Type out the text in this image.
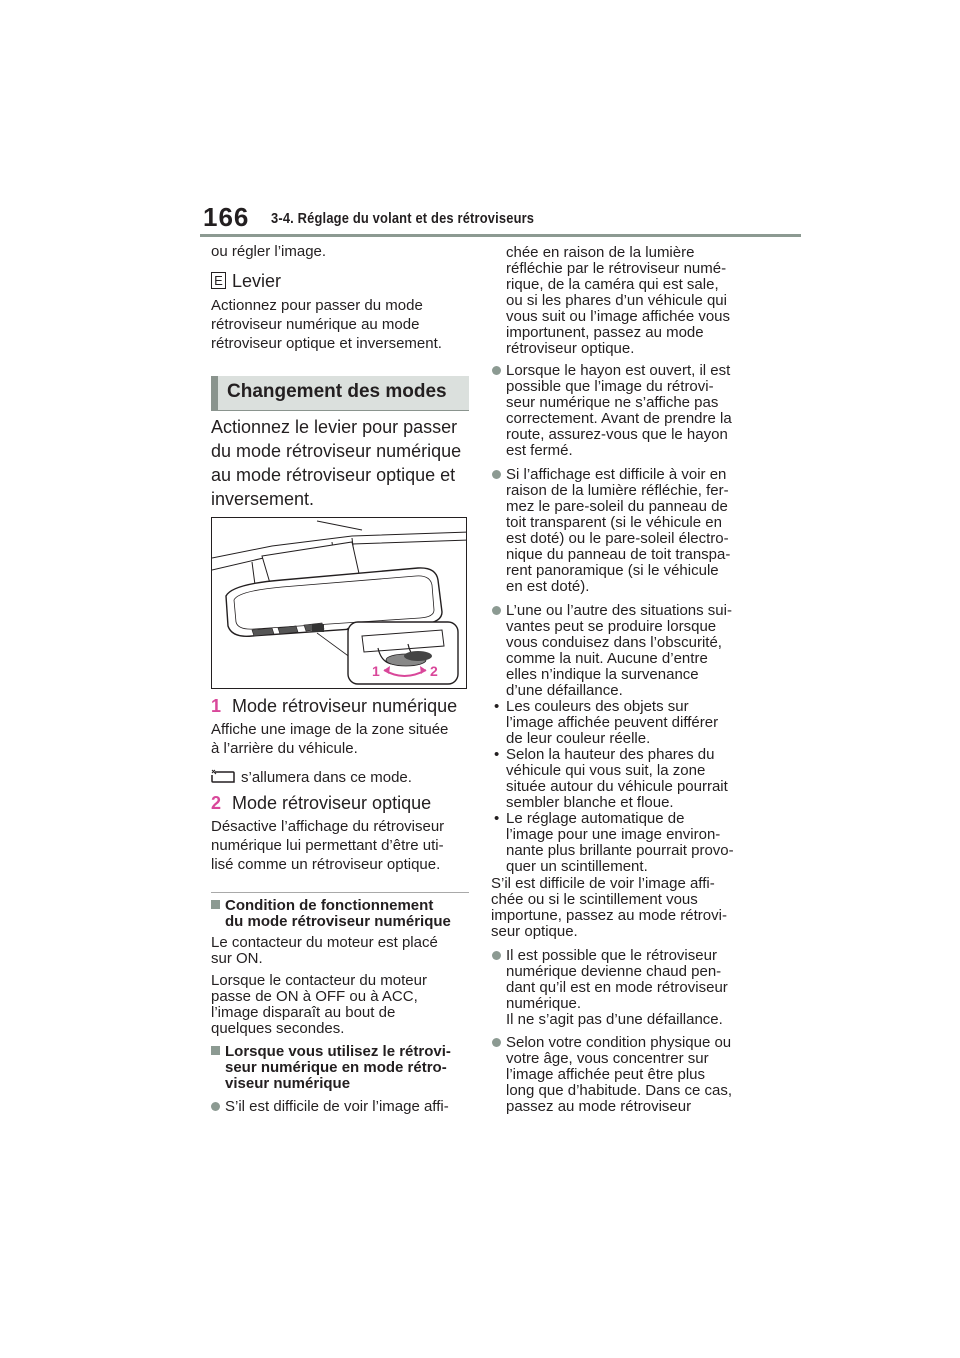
166 3-4. Réglage du volant et des rétroviseurs
ou régler l’image.
E Levier
Actionnez pour passer du mode
rétroviseur numérique au mode
rétroviseur optique et inversement.
Changement des modes
Actionnez le levier pour passer
du mode rétroviseur numérique
au mode rétroviseur optique et
inversement.
1	2
1 Mode rétroviseur numérique
Affiche une image de la zone située
à l’arrière du véhicule.
s’allumera dans ce mode.
2 Mode rétroviseur optique
Désactive l’affichage du rétroviseur
numérique lui permettant d’être uti-
lisé comme un rétroviseur optique.
Condition de fonctionnement
du mode rétroviseur numérique
Le contacteur du moteur est placé
sur ON.
Lorsque le contacteur du moteur
passe de ON à OFF ou à ACC,
l’image disparaît au bout de
quelques secondes.
Lorsque vous utilisez le rétrovi-
seur numérique en mode rétro-
viseur numérique
S’il est difficile de voir l’image affi-
chée en raison de la lumière
réfléchie par le rétroviseur numé-
rique, de la caméra qui est sale,
ou si les phares d’un véhicule qui
vous suit ou l’image affichée vous
importunent, passez au mode
rétroviseur optique.
Lorsque le hayon est ouvert, il est
possible que l’image du rétrovi-
seur numérique ne s’affiche pas
correctement. Avant de prendre la
route, assurez-vous que le hayon
est fermé.
Si l’affichage est difficile à voir en
raison de la lumière réfléchie, fer-
mez le pare-soleil du panneau de
toit transparent (si le véhicule en
est doté) ou le pare-soleil électro-
nique du panneau de toit transpa-
rent panoramique (si le véhicule
en est doté).
L’une ou l’autre des situations sui-
vantes peut se produire lorsque
vous conduisez dans l’obscurité,
comme la nuit. Aucune d’entre
elles n’indique la survenance
d’une défaillance.
• Les couleurs des objets sur
l’image affichée peuvent différer
de leur couleur réelle.
• Selon la hauteur des phares du
véhicule qui vous suit, la zone
située autour du véhicule pourrait
sembler blanche et floue.
• Le réglage automatique de
l’image pour une image environ-
nante plus brillante pourrait provo-
quer un scintillement.
S’il est difficile de voir l’image affi-
chée ou si le scintillement vous
importune, passez au mode rétrovi-
seur optique.
Il est possible que le rétroviseur
numérique devienne chaud pen-
dant qu’il est en mode rétroviseur
numérique.
Il ne s’agit pas d’une défaillance.
Selon votre condition physique ou
votre âge, vous concentrer sur
l’image affichée peut être plus
long que d’habitude. Dans ce cas,
passez au mode rétroviseur
